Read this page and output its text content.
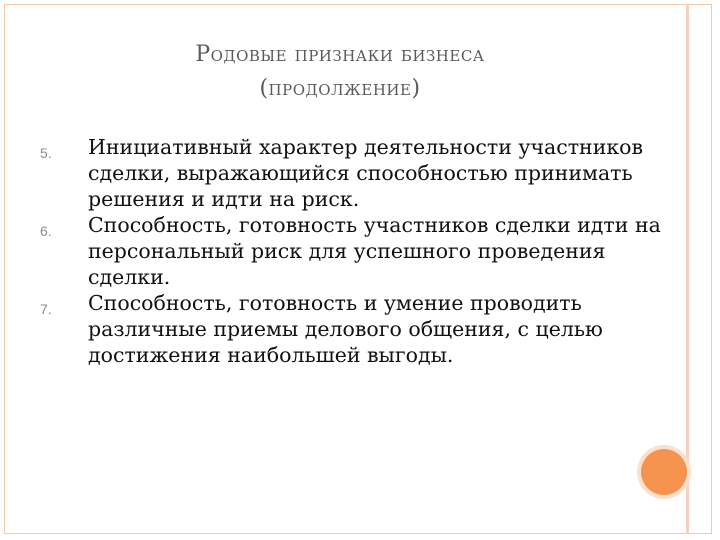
Родовые признаки бизнеса
(продолжение)
5. Инициативный характер деятельности участников сделки, выражающийся способностью принимать решения и идти на риск.
6. Способность, готовность участников сделки идти на персональный риск для успешного проведения сделки.
7. Способность, готовность и умение проводить различные приемы делового общения, с целью достижения наибольшей выгоды.
